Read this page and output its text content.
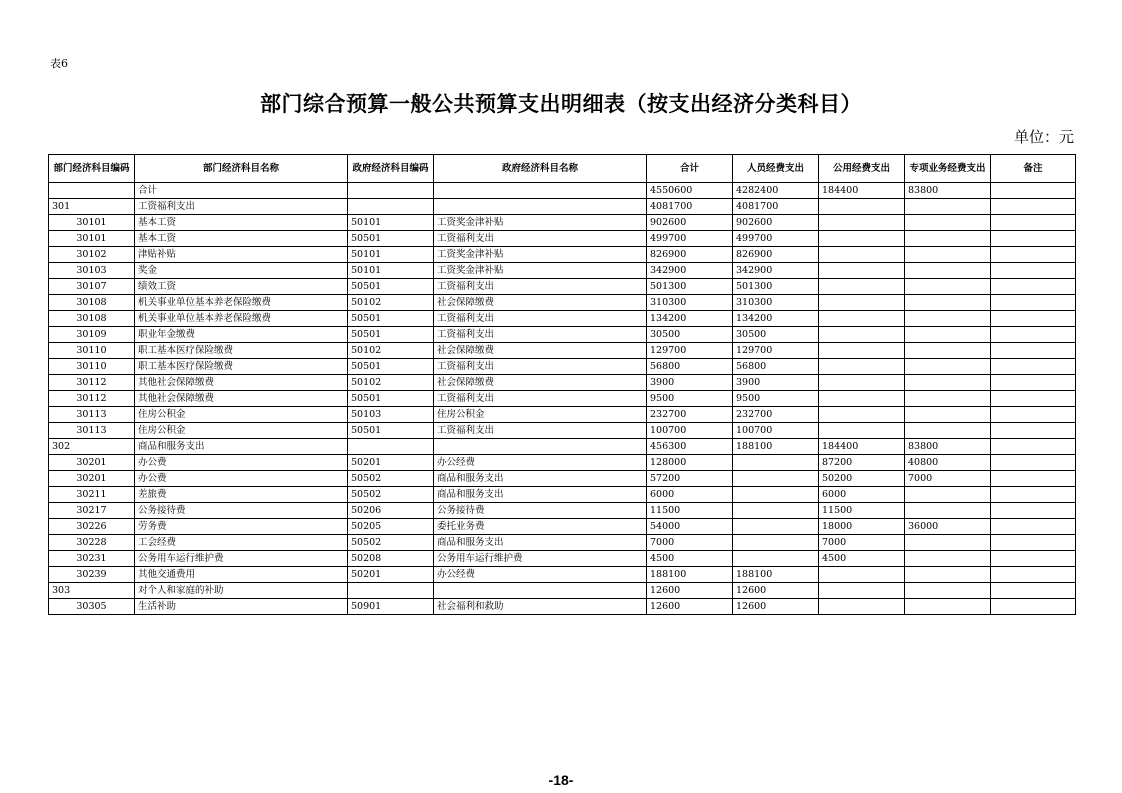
表6
部门综合预算一般公共预算支出明细表（按支出经济分类科目）
单位：元
部门经济科目编码	部门经济科目名称	政府经济科目编码	政府经济科目名称	合计	人员经费支出	公用经费支出	专项业务经费支出	备注
	合计			4550600	4282400	184400	83800	
301	工资福利支出			4081700	4081700			
30101	基本工资	50101	工资奖金津补贴	902600	902600			
30101	基本工资	50501	工资福利支出	499700	499700			
30102	津贴补贴	50101	工资奖金津补贴	826900	826900			
30103	奖金	50101	工资奖金津补贴	342900	342900			
30107	绩效工资	50501	工资福利支出	501300	501300			
30108	机关事业单位基本养老保险缴费	50102	社会保障缴费	310300	310300			
30108	机关事业单位基本养老保险缴费	50501	工资福利支出	134200	134200			
30109	职业年金缴费	50501	工资福利支出	30500	30500			
30110	职工基本医疗保险缴费	50102	社会保障缴费	129700	129700			
30110	职工基本医疗保险缴费	50501	工资福利支出	56800	56800			
30112	其他社会保障缴费	50102	社会保障缴费	3900	3900			
30112	其他社会保障缴费	50501	工资福利支出	9500	9500			
30113	住房公积金	50103	住房公积金	232700	232700			
30113	住房公积金	50501	工资福利支出	100700	100700			
302	商品和服务支出			456300	188100	184400	83800	
30201	办公费	50201	办公经费	128000		87200	40800	
30201	办公费	50502	商品和服务支出	57200		50200	7000	
30211	差旅费	50502	商品和服务支出	6000		6000		
30217	公务接待费	50206	公务接待费	11500		11500		
30226	劳务费	50205	委托业务费	54000		18000	36000	
30228	工会经费	50502	商品和服务支出	7000		7000		
30231	公务用车运行维护费	50208	公务用车运行维护费	4500		4500		
30239	其他交通费用	50201	办公经费	188100	188100			
303	对个人和家庭的补助			12600	12600			
30305	生活补助	50901	社会福利和救助	12600	12600			
-18-
